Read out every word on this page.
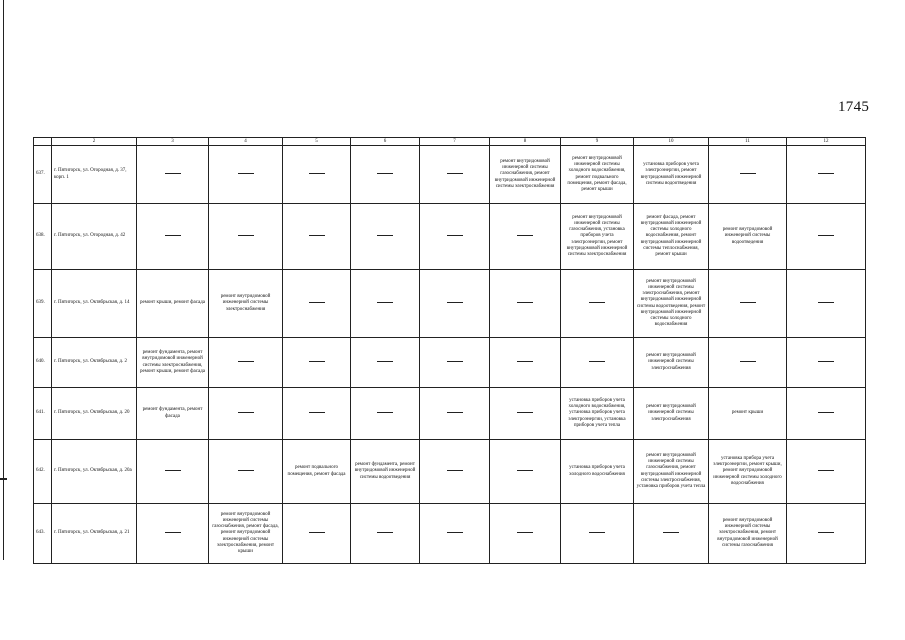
1745
	2	3	4	5	6	7	8	9	10	11	12
637.	г. Пятигорск, ул. Огородная, д. 37, корп. 1						ремонт внутридомовой инженерной системы газоснабжения, ремонт внутридомовой инженерной системы электроснабжения	ремонт внутридомовой инженерной системы холодного водоснабжения, ремонт подвального помещения, ремонт фасада, ремонт крыши	установка приборов учета электроэнергии, ремонт внутридомовой инженерной системы водоотведения		
638.	г. Пятигорск, ул. Огородная, д. 42							ремонт внутридомовой инженерной системы газоснабжения, установка приборов учета электроэнергии, ремонт внутридомовой инженерной системы электроснабжения	ремонт фасада, ремонт внутридомовой инженерной системы холодного водоснабжения, ремонт внутридомовой инженерной системы теплоснабжения, ремонт крыши	ремонт внутридомовой инженерной системы водоотведения	
639.	г. Пятигорск, ул. Октябрьская, д. 14	ремонт крыши, ремонт фасада	ремонт внутридомовой инженерной системы электроснабжения						ремонт внутридомовой инженерной системы электроснабжения, ремонт внутридомовой инженерной системы водоотведения, ремонт внутридомовой инженерной системы холодного водоснабжения		
640.	г. Пятигорск, ул. Октябрьская, д. 2	ремонт фундамента, ремонт внутридомовой инженерной системы электроснабжения, ремонт крыши, ремонт фасада							ремонт внутридомовой инженерной системы электроснабжения		
641.	г. Пятигорск, ул. Октябрьская, д. 20	ремонт фундамента, ремонт фасада						установка приборов учета холодного водоснабжения, установка приборов учета электроэнергии, установка приборов учета тепла	ремонт внутридомовой инженерной системы электроснабжения	ремонт крыши	
642.	г. Пятигорск, ул. Октябрьская, д. 20а			ремонт подвального помещения, ремонт фасада	ремонт фундамента, ремонт внутридомовой инженерной системы водоотведения			установка приборов учета холодного водоснабжения	ремонт внутридомовой инженерной системы газоснабжения, ремонт внутридомовой инженерной системы электроснабжения, установка приборов учета тепла	установка прибора учета электроэнергии, ремонт крыши, ремонт внутридомовой инженерной системы холодного водоснабжения	
643.	г. Пятигорск, ул. Октябрьская, д. 21		ремонт внутридомовой инженерной системы газоснабжения, ремонт фасада, ремонт внутридомовой инженерной системы электроснабжения, ремонт крыши							ремонт внутридомовой инженерной системы электроснабжения, ремонт внутридомовой инженерной системы газоснабжения	
